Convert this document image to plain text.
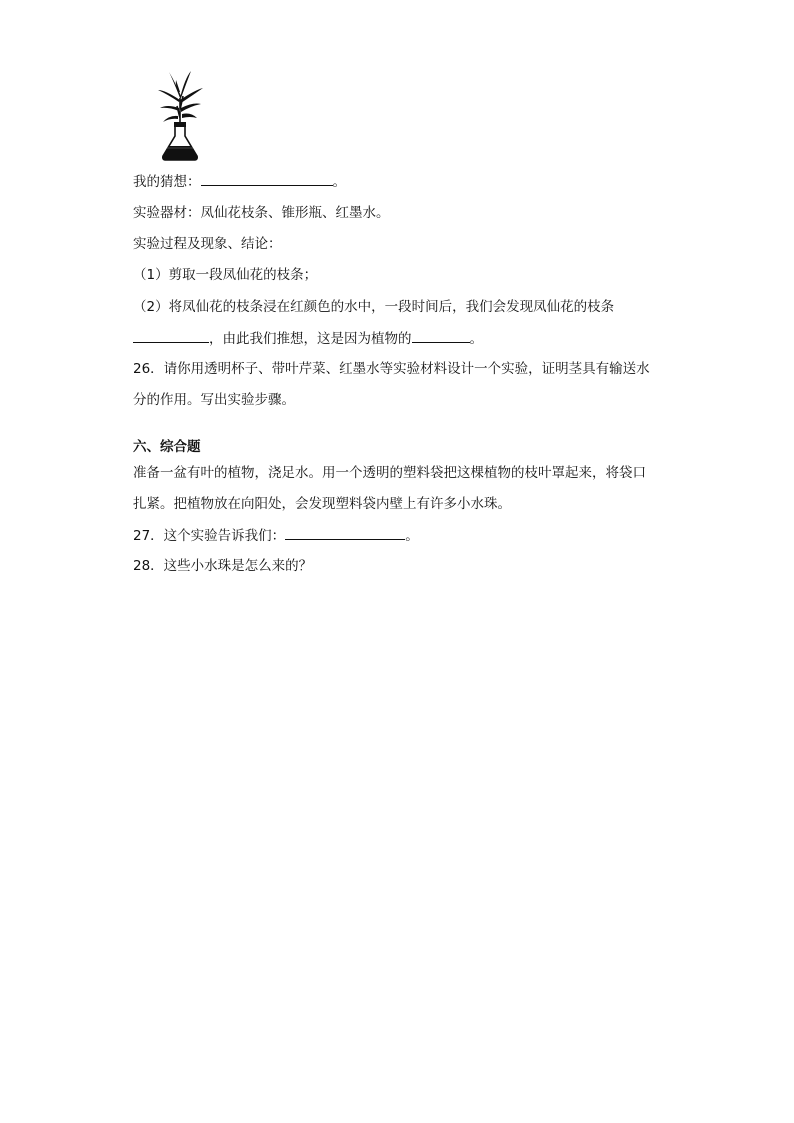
我的猜想：	。
实验器材：凤仙花枝条、锥形瓶、红墨水。
实验过程及现象、结论：
（1）剪取一段凤仙花的枝条；
（2）将凤仙花的枝条浸在红颜色的水中，一段时间后，我们会发现凤仙花的枝条
，由此我们推想，这是因为植物的	。
26．请你用透明杯子、带叶芹菜、红墨水等实验材料设计一个实验，证明茎具有输送水
分的作用。写出实验步骤。
六、综合题
准备一盆有叶的植物，浇足水。用一个透明的塑料袋把这棵植物的枝叶罩起来，将袋口
扎紧。把植物放在向阳处，会发现塑料袋内壁上有许多小水珠。
27．这个实验告诉我们：	。
28．这些小水珠是怎么来的？
